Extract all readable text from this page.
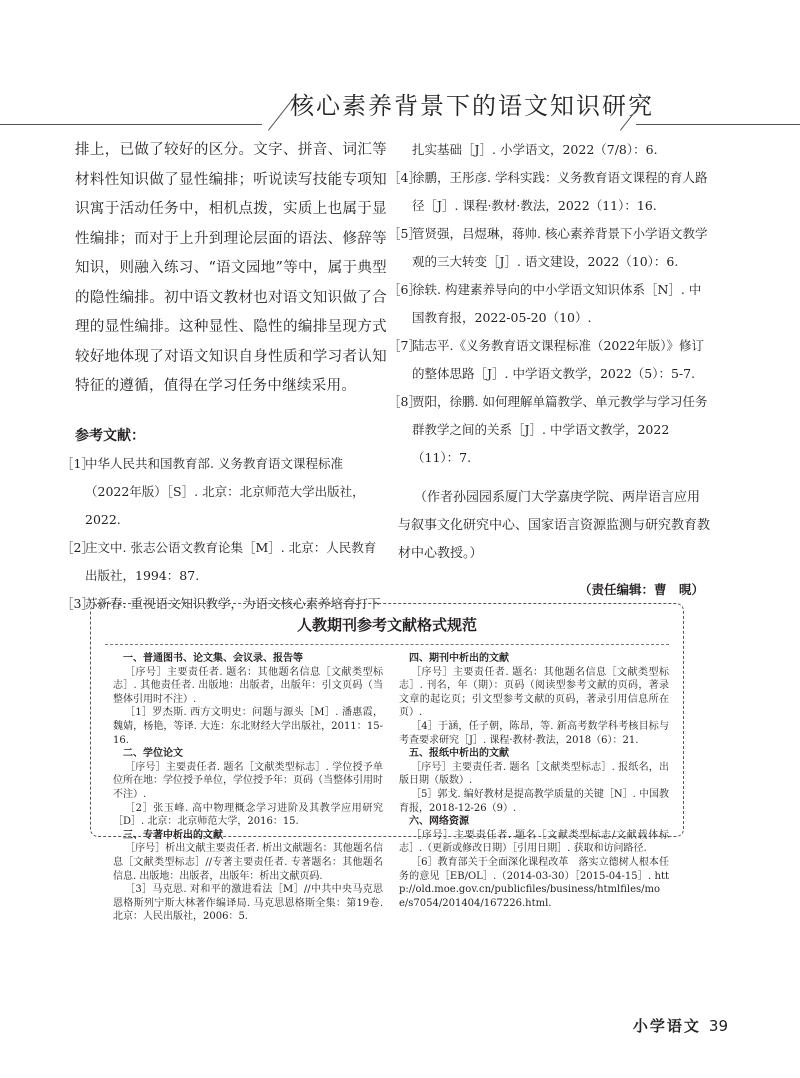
核心素养背景下的语文知识研究

排上，已做了较好的区分。文字、拼音、词汇等材料性知识做了显性编排；听说读写技能专项知识寓于活动任务中，相机点拨，实质上也属于显性编排；而对于上升到理论层面的语法、修辞等知识，则融入练习、“语文园地”等中，属于典型的隐性编排。初中语文教材也对语文知识做了合理的显性编排。这种显性、隐性的编排呈现方式较好地体现了对语文知识自身性质和学习者认知特征的遵循，值得在学习任务中继续采用。

参考文献：

［1］
中华人民共和国教育部. 义务教育语文课程标准（2022年版）［S］. 北京：北京师范大学出版社，2022.

［2］
庄文中. 张志公语文教育论集［M］. 北京：人民教育出版社，1994：87.

［3］
苏新春. 重视语文知识教学，为语文核心素养培育打下

扎实基础［J］. 小学语文，2022（7/8）：6.

［4］
徐鹏，王彤彦. 学科实践：义务教育语文课程的育人路径［J］. 课程·教材·教法，2022（11）：16.

［5］
管贤强，吕煜琳，蒋帅. 核心素养背景下小学语文教学观的三大转变［J］. 语文建设，2022（10）：6.

［6］
徐轶. 构建素养导向的中小学语文知识体系［N］. 中国教育报，2022-05-20（10）.

［7］
陆志平.《义务教育语文课程标准（2022年版）》修订的整体思路［J］. 中学语文教学，2022（5）：5-7.

［8］
贾阳，徐鹏. 如何理解单篇教学、单元教学与学习任务群教学之间的关系［J］. 中学语文教学，2022（11）：7.

（作者孙园园系厦门大学嘉庚学院、两岸语言应用与叙事文化研究中心、国家语言资源监测与研究教育教材中心教授。）
（责任编辑：曹　晛）
人教期刊参考文献格式规范
一、普通图书、论文集、会议录、报告等

［序号］主要责任者. 题名：其他题名信息［文献类型标志］. 其他责任者. 出版地：出版者，出版年：引文页码（当整体引用时不注）.

［1］罗杰斯. 西方文明史：问题与源头［M］. 潘惠霞，魏婧，杨艳，等译. 大连：东北财经大学出版社，2011：15-16.

二、学位论文

［序号］主要责任者. 题名［文献类型标志］. 学位授予单位所在地：学位授予单位，学位授予年：页码（当整体引用时不注）.

［2］张玉峰. 高中物理概念学习进阶及其教学应用研究［D］. 北京：北京师范大学，2016：15.

三、专著中析出的文献

［序号］析出文献主要责任者. 析出文献题名：其他题名信息［文献类型标志］//专著主要责任者. 专著题名：其他题名信息. 出版地：出版者，出版年：析出文献页码.

［3］马克思. 对和平的激进看法［M］//中共中央马克思恩格斯列宁斯大林著作编译局. 马克思恩格斯全集：第19卷. 北京：人民出版社，2006：5.

四、期刊中析出的文献

［序号］主要责任者. 题名：其他题名信息［文献类型标志］. 刊名，年（期）：页码（阅读型参考文献的页码，著录文章的起讫页；引文型参考文献的页码，著录引用信息所在页）.

［4］于涵，任子朝，陈昂，等. 新高考数学科考核目标与考查要求研究［J］. 课程·教材·教法，2018（6）：21.

五、报纸中析出的文献

［序号］主要责任者. 题名［文献类型标志］. 报纸名，出版日期（版数）.

［5］郭戈. 编好教材是提高教学质量的关键［N］. 中国教育报，2018-12-26（9）.

六、网络资源

［序号］主要责任者. 题名［文献类型标志/文献载体标志］.（更新或修改日期）［引用日期］. 获取和访问路径.

［6］教育部关于全面深化课程改革　落实立德树人根本任务的意见［EB/OL］.（2014-03-30）［2015-04-15］. http://old.moe.gov.cn/publicfiles/business/htmlfiles/moe/s7054/201404/167226.html.

小学语文 39
